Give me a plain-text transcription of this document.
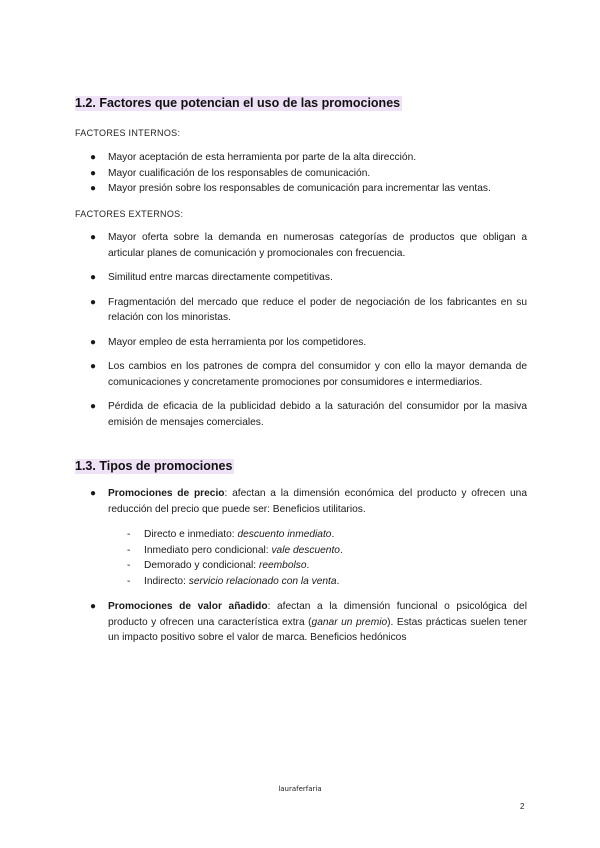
1.2. Factores que potencian el uso de las promociones

FACTORES INTERNOS:

●	Mayor aceptación de esta herramienta por parte de la alta dirección.
●	Mayor cualificación de los responsables de comunicación.
●	Mayor presión sobre los responsables de comunicación para incrementar las ventas.

FACTORES EXTERNOS:

●	Mayor oferta sobre la demanda en numerosas categorías de productos que obligan a articular planes de comunicación y promocionales con frecuencia.
●	Similitud entre marcas directamente competitivas.
●	Fragmentación del mercado que reduce el poder de negociación de los fabricantes en su relación con los minoristas.
●	Mayor empleo de esta herramienta por los competidores.
●	Los cambios en los patrones de compra del consumidor y con ello la mayor demanda de comunicaciones y concretamente promociones por consumidores e intermediarios.
●	Pérdida de eficacia de la publicidad debido a la saturación del consumidor por la masiva emisión de mensajes comerciales.
1.3. Tipos de promociones
●	Promociones de precio: afectan a la dimensión económica del producto y ofrecen una reducción del precio que puede ser: Beneficios utilitarios.
- Directo e inmediato: descuento inmediato.
- Inmediato pero condicional: vale descuento.
- Demorado y condicional: reembolso.
- Indirecto: servicio relacionado con la venta.
●	Promociones de valor añadido: afectan a la dimensión funcional o psicológica del producto y ofrecen una característica extra (ganar un premio). Estas prácticas suelen tener un impacto positivo sobre el valor de marca. Beneficios hedónicos
lauraferfaria
2
